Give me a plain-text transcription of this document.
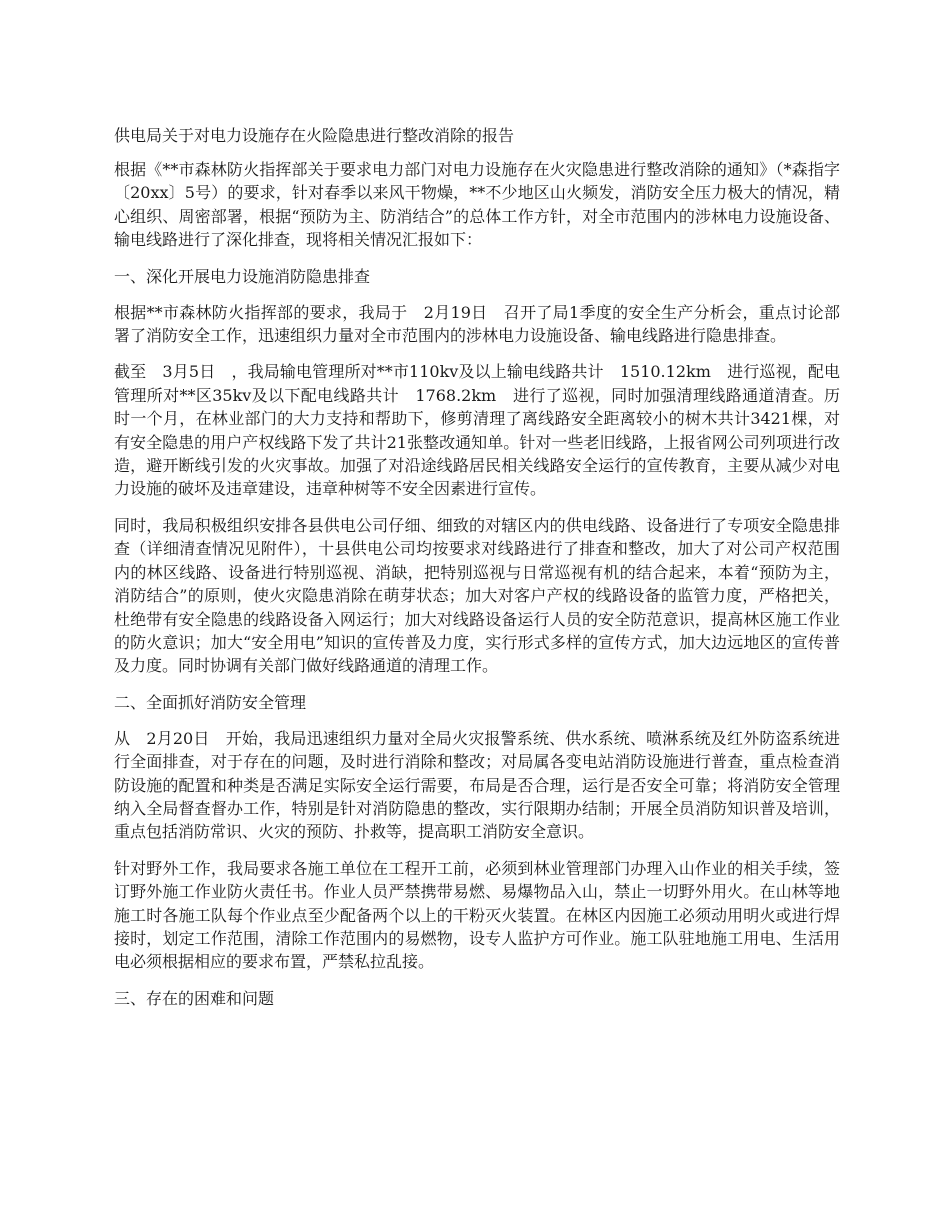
供电局关于对电力设施存在火险隐患进行整改消除的报告

根据《**市森林防火指挥部关于要求电力部门对电力设施存在火灾隐患进行整改消除的通知》（*森指字〔20xx〕5号）的要求，针对春季以来风干物燥，**不少地区山火频发，消防安全压力极大的情况，精心组织、周密部署，根据“预防为主、防消结合”的总体工作方针，对全市范围内的涉林电力设施设备、输电线路进行了深化排查，现将相关情况汇报如下：

一、深化开展电力设施消防隐患排查

根据**市森林防火指挥部的要求，我局于　2月19日　召开了局1季度的安全生产分析会，重点讨论部署了消防安全工作，迅速组织力量对全市范围内的涉林电力设施设备、输电线路进行隐患排查。

截至　3月5日　，我局输电管理所对**市110kv及以上输电线路共计　1510.12km　进行巡视，配电管理所对**区35kv及以下配电线路共计　1768.2km　进行了巡视，同时加强清理线路通道清查。历时一个月，在林业部门的大力支持和帮助下，修剪清理了离线路安全距离较小的树木共计3421棵，对有安全隐患的用户产权线路下发了共计21张整改通知单。针对一些老旧线路，上报省网公司列项进行改造，避开断线引发的火灾事故。加强了对沿途线路居民相关线路安全运行的宣传教育，主要从减少对电力设施的破坏及违章建设，违章种树等不安全因素进行宣传。

同时，我局积极组织安排各县供电公司仔细、细致的对辖区内的供电线路、设备进行了专项安全隐患排查（详细清查情况见附件），十县供电公司均按要求对线路进行了排查和整改，加大了对公司产权范围内的林区线路、设备进行特别巡视、消缺，把特别巡视与日常巡视有机的结合起来，本着“预防为主，消防结合”的原则，使火灾隐患消除在萌芽状态；加大对客户产权的线路设备的监管力度，严格把关，杜绝带有安全隐患的线路设备入网运行；加大对线路设备运行人员的安全防范意识，提高林区施工作业的防火意识；加大“安全用电”知识的宣传普及力度，实行形式多样的宣传方式，加大边远地区的宣传普及力度。同时协调有关部门做好线路通道的清理工作。

二、全面抓好消防安全管理

从　2月20日　开始，我局迅速组织力量对全局火灾报警系统、供水系统、喷淋系统及红外防盗系统进行全面排查，对于存在的问题，及时进行消除和整改；对局属各变电站消防设施进行普查，重点检查消防设施的配置和种类是否满足实际安全运行需要，布局是否合理，运行是否安全可靠；将消防安全管理纳入全局督查督办工作，特别是针对消防隐患的整改，实行限期办结制；开展全员消防知识普及培训，重点包括消防常识、火灾的预防、扑救等，提高职工消防安全意识。

针对野外工作，我局要求各施工单位在工程开工前，必须到林业管理部门办理入山作业的相关手续，签订野外施工作业防火责任书。作业人员严禁携带易燃、易爆物品入山，禁止一切野外用火。在山林等地施工时各施工队每个作业点至少配备两个以上的干粉灭火装置。在林区内因施工必须动用明火或进行焊接时，划定工作范围，清除工作范围内的易燃物，设专人监护方可作业。施工队驻地施工用电、生活用电必须根据相应的要求布置，严禁私拉乱接。

三、存在的困难和问题
